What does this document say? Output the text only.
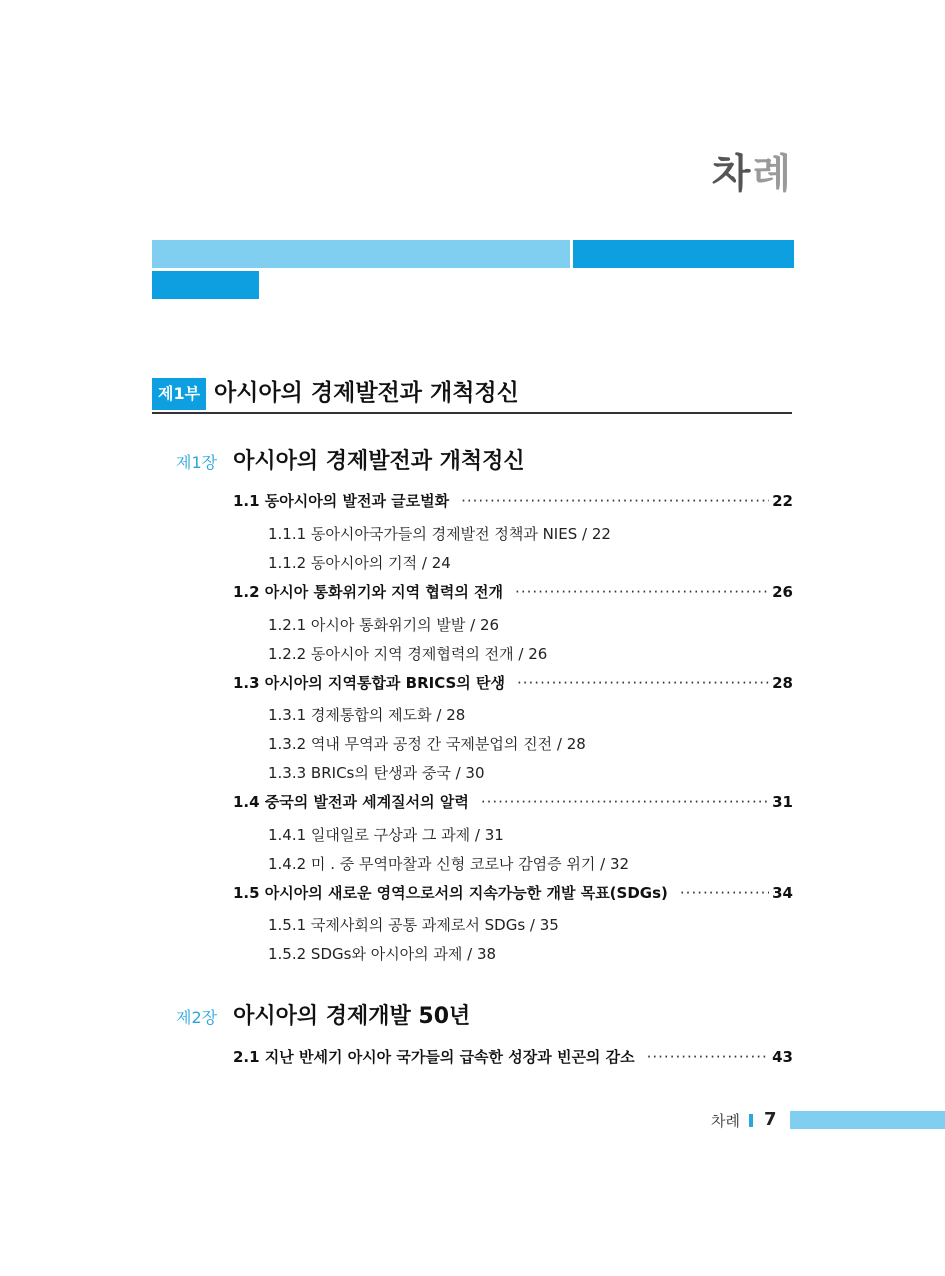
차례
제1부 아시아의 경제발전과 개척정신
제1장 아시아의 경제발전과 개척정신
1.1 동아시아의 발전과 글로벌화 ·····	22
1.1.1 동아시아국가들의 경제발전 정책과 NIES / 22
1.1.2 동아시아의 기적 / 24
1.2 아시아 통화위기와 지역 협력의 전개 ·····	26
1.2.1 아시아 통화위기의 발발 / 26
1.2.2 동아시아 지역 경제협력의 전개 / 26
1.3 아시아의 지역통합과 BRICS의 탄생 ·····	28
1.3.1 경제통합의 제도화 / 28
1.3.2 역내 무역과 공정 간 국제분업의 진전 / 28
1.3.3 BRICs의 탄생과 중국 / 30
1.4 중국의 발전과 세계질서의 알력 ·····	31
1.4.1 일대일로 구상과 그 과제 / 31
1.4.2 미 . 중 무역마찰과 신형 코로나 감염증 위기 / 32
1.5 아시아의 새로운 영역으로서의 지속가능한 개발 목표(SDGs) ·····	34
1.5.1 국제사회의 공통 과제로서 SDGs / 35
1.5.2 SDGs와 아시아의 과제 / 38
제2장 아시아의 경제개발 50년
2.1 지난 반세기 아시아 국가들의 급속한 성장과 빈곤의 감소 ·····	43
차례 7
